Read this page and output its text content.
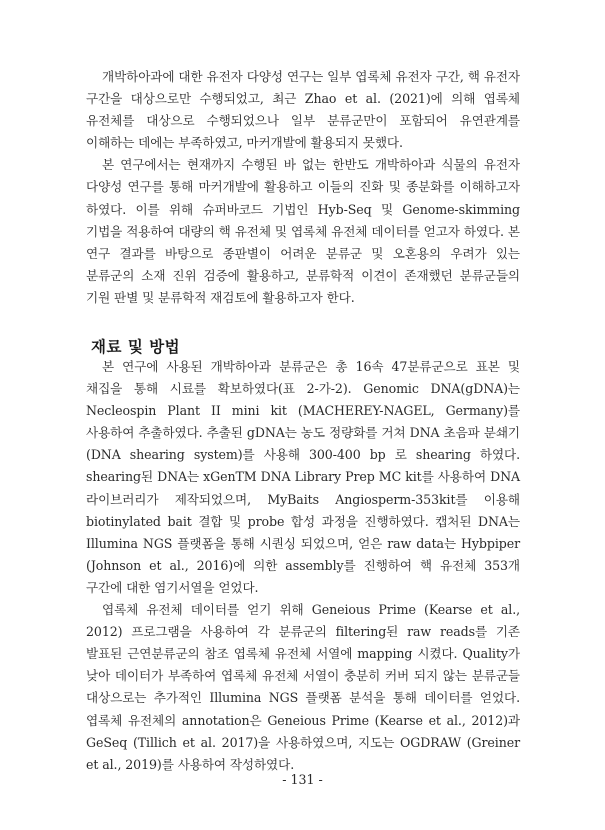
개박하아과에 대한 유전자 다양성 연구는 일부 엽록체 유전자 구간, 핵 유전자 구간을 대상으로만 수행되었고, 최근 Zhao et al. (2021)에 의해 엽록체 유전체를 대상으로 수행되었으나 일부 분류군만이 포함되어 유연관계를 이해하는 데에는 부족하였고, 마커개발에 활용되지 못했다.

본 연구에서는 현재까지 수행된 바 없는 한반도 개박하아과 식물의 유전자 다양성 연구를 통해 마커개발에 활용하고 이들의 진화 및 종분화를 이해하고자 하였다. 이를 위해 슈퍼바코드 기법인 Hyb-Seq 및 Genome-skimming 기법을 적용하여 대량의 핵 유전체 및 엽록체 유전체 데이터를 얻고자 하였다. 본 연구 결과를 바탕으로 종판별이 어려운 분류군 및 오혼용의 우려가 있는 분류군의 소재 진위 검증에 활용하고, 분류학적 이견이 존재했던 분류군들의 기원 판별 및 분류학적 재검토에 활용하고자 한다.

재료 및 방법

본 연구에 사용된 개박하아과 분류군은 총 16속 47분류군으로 표본 및 채집을 통해 시료를 확보하였다(표 2-가-2). Genomic DNA(gDNA)는 Necleospin Plant II mini kit (MACHEREY-NAGEL, Germany)를 사용하여 추출하였다. 추출된 gDNA는 농도 정량화를 거쳐 DNA 초음파 분쇄기 (DNA shearing system)를 사용해 300-400 bp 로 shearing 하였다. shearing된 DNA는 xGenTM DNA Library Prep MC kit를 사용하여 DNA 라이브러리가 제작되었으며, MyBaits Angiosperm-353kit를 이용해 biotinylated bait 결합 및 probe 합성 과정을 진행하였다. 캡처된 DNA는 Illumina NGS 플랫폼을 통해 시퀀싱 되었으며, 얻은 raw data는 Hybpiper (Johnson et al., 2016)에 의한 assembly를 진행하여 핵 유전체 353개 구간에 대한 염기서열을 얻었다.

엽록체 유전체 데이터를 얻기 위해 Geneious Prime (Kearse et al., 2012) 프로그램을 사용하여 각 분류군의 filtering된 raw reads를 기존 발표된 근연분류군의 참조 엽록체 유전체 서열에 mapping 시켰다. Quality가 낮아 데이터가 부족하여 엽록체 유전체 서열이 충분히 커버 되지 않는 분류군들 대상으로는 추가적인 Illumina NGS 플랫폼 분석을 통해 데이터를 얻었다. 엽록체 유전체의 annotation은 Geneious Prime (Kearse et al., 2012)과 GeSeq (Tillich et al. 2017)을 사용하였으며, 지도는 OGDRAW (Greiner et al., 2019)를 사용하여 작성하였다.

- 131 -
